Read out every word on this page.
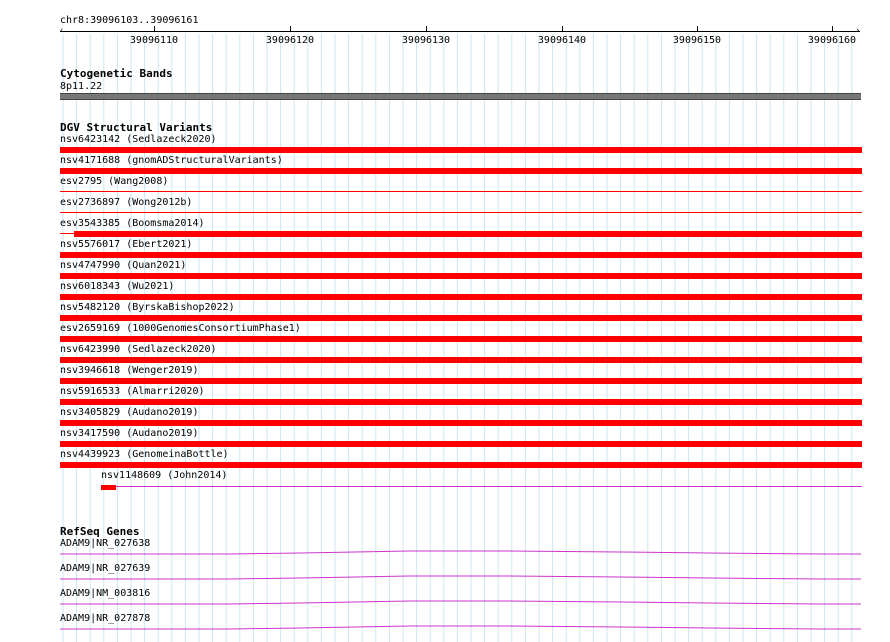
chr8:39096103..39096161
‹	›
39096110	39096120	39096130	39096140	39096150	39096160
Cytogenetic Bands
8p11.22
DGV Structural Variants
nsv6423142 (Sedlazeck2020)
nsv4171688 (gnomADStructuralVariants)
esv2795 (Wang2008)
esv2736897 (Wong2012b)
esv3543385 (Boomsma2014)
nsv5576017 (Ebert2021)
nsv4747990 (Quan2021)
nsv6018343 (Wu2021)
nsv5482120 (ByrskaBishop2022)
esv2659169 (1000GenomesConsortiumPhase1)
nsv6423990 (Sedlazeck2020)
nsv3946618 (Wenger2019)
nsv5916533 (Almarri2020)
nsv3405829 (Audano2019)
nsv3417590 (Audano2019)
nsv4439923 (GenomeinaBottle)
nsv1148609 (John2014)
RefSeq Genes
ADAM9|NR_027638
ADAM9|NR_027639
ADAM9|NM_003816
ADAM9|NR_027878
